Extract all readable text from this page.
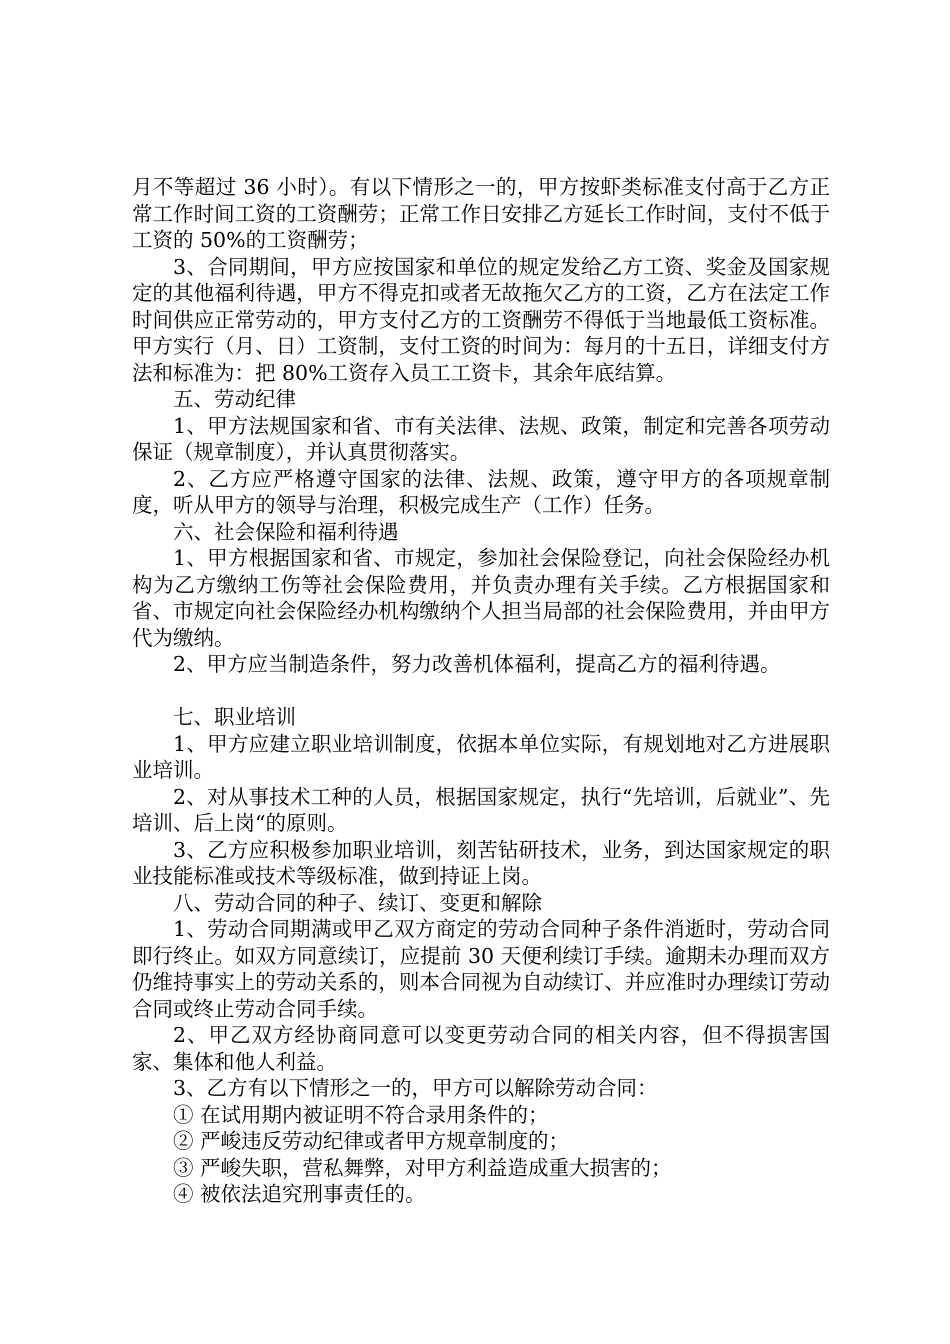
月不等超过 36 小时）。有以下情形之一的，甲方按虾类标准支付高于乙方正常工作时间工资的工资酬劳；正常工作日安排乙方延长工作时间，支付不低于工资的 50%的工资酬劳；

3、合同期间，甲方应按国家和单位的规定发给乙方工资、奖金及国家规定的其他福利待遇，甲方不得克扣或者无故拖欠乙方的工资，乙方在法定工作时间供应正常劳动的，甲方支付乙方的工资酬劳不得低于当地最低工资标准。甲方实行（月、日）工资制，支付工资的时间为：每月的十五日，详细支付方法和标准为：把 80%工资存入员工工资卡，其余年底结算。

五、劳动纪律

1、甲方法规国家和省、市有关法律、法规、政策，制定和完善各项劳动保证（规章制度），并认真贯彻落实。

2、乙方应严格遵守国家的法律、法规、政策，遵守甲方的各项规章制度，听从甲方的领导与治理，积极完成生产（工作）任务。

六、社会保险和福利待遇

1、甲方根据国家和省、市规定，参加社会保险登记，向社会保险经办机构为乙方缴纳工伤等社会保险费用，并负责办理有关手续。乙方根据国家和省、市规定向社会保险经办机构缴纳个人担当局部的社会保险费用，并由甲方代为缴纳。

2、甲方应当制造条件，努力改善机体福利，提高乙方的福利待遇。

七、职业培训

1、甲方应建立职业培训制度，依据本单位实际，有规划地对乙方进展职业培训。

2、对从事技术工种的人员，根据国家规定，执行“先培训，后就业”、先培训、后上岗“的原则。

3、乙方应积极参加职业培训，刻苦钻研技术，业务，到达国家规定的职业技能标准或技术等级标准，做到持证上岗。

八、劳动合同的种子、续订、变更和解除

1、劳动合同期满或甲乙双方商定的劳动合同种子条件消逝时，劳动合同即行终止。如双方同意续订，应提前 30 天便利续订手续。逾期未办理而双方仍维持事实上的劳动关系的，则本合同视为自动续订、并应准时办理续订劳动合同或终止劳动合同手续。

2、甲乙双方经协商同意可以变更劳动合同的相关内容，但不得损害国家、集体和他人利益。

3、乙方有以下情形之一的，甲方可以解除劳动合同：

① 在试用期内被证明不符合录用条件的；

② 严峻违反劳动纪律或者甲方规章制度的；

③ 严峻失职，营私舞弊，对甲方利益造成重大损害的；

④ 被依法追究刑事责任的。
